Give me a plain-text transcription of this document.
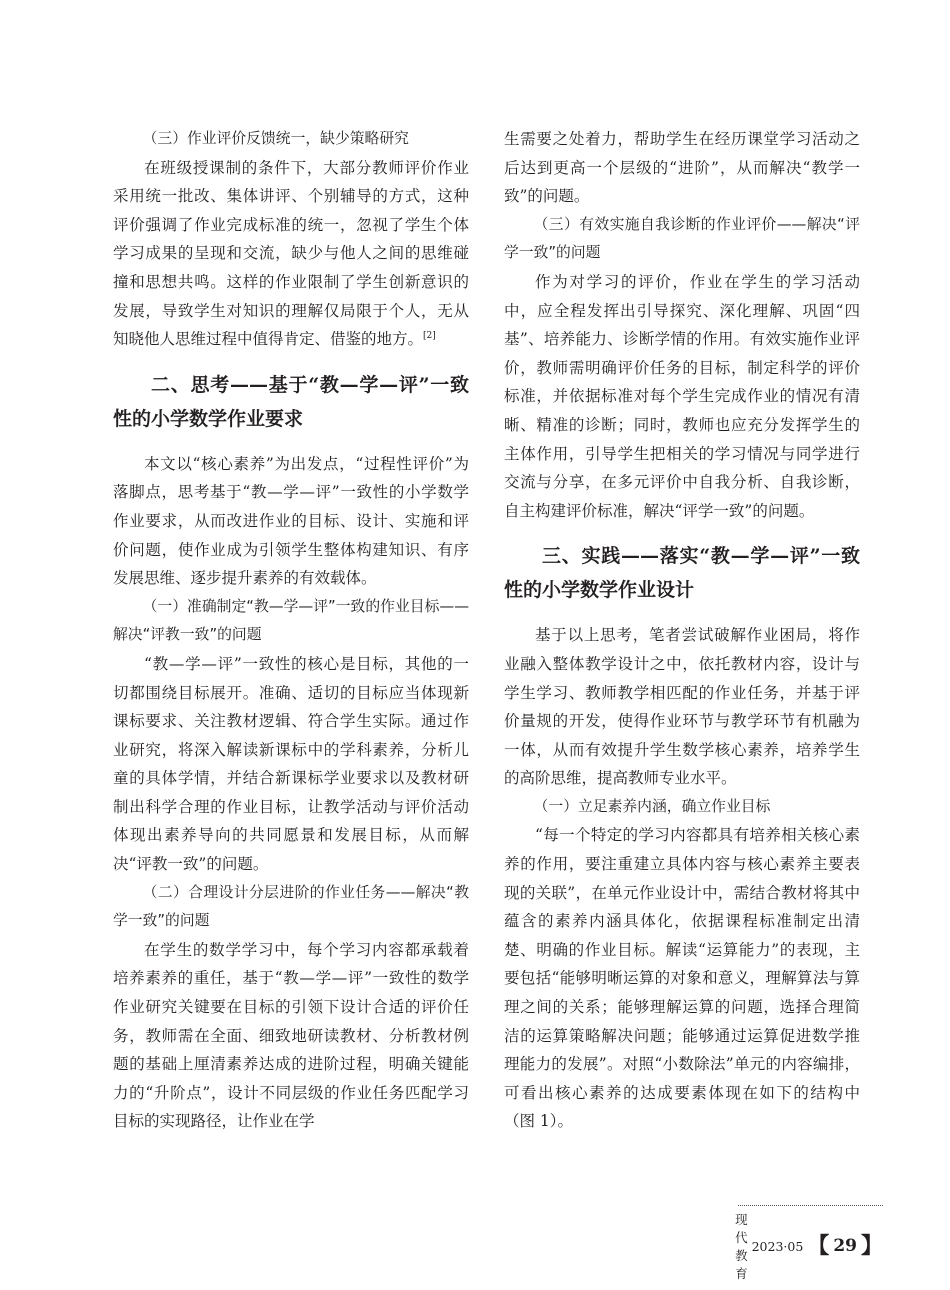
（三）作业评价反馈统一，缺少策略研究

在班级授课制的条件下，大部分教师评价作业采用统一批改、集体讲评、个别辅导的方式，这种评价强调了作业完成标准的统一，忽视了学生个体学习成果的呈现和交流，缺少与他人之间的思维碰撞和思想共鸣。这样的作业限制了学生创新意识的发展，导致学生对知识的理解仅局限于个人，无从知晓他人思维过程中值得肯定、借鉴的地方。[2]

二、思考——基于“教—学—评”一致性的小学数学作业要求

本文以“核心素养”为出发点，“过程性评价”为落脚点，思考基于“教—学—评”一致性的小学数学作业要求，从而改进作业的目标、设计、实施和评价问题，使作业成为引领学生整体构建知识、有序发展思维、逐步提升素养的有效载体。

（一）准确制定“教—学—评”一致的作业目标——解决“评教一致”的问题

“教—学—评”一致性的核心是目标，其他的一切都围绕目标展开。准确、适切的目标应当体现新课标要求、关注教材逻辑、符合学生实际。通过作业研究，将深入解读新课标中的学科素养，分析儿童的具体学情，并结合新课标学业要求以及教材研制出科学合理的作业目标，让教学活动与评价活动体现出素养导向的共同愿景和发展目标，从而解决“评教一致”的问题。

（二）合理设计分层进阶的作业任务——解决“教学一致”的问题

在学生的数学学习中，每个学习内容都承载着培养素养的重任，基于“教—学—评”一致性的数学作业研究关键要在目标的引领下设计合适的评价任务，教师需在全面、细致地研读教材、分析教材例题的基础上厘清素养达成的进阶过程，明确关键能力的“升阶点”，设计不同层级的作业任务匹配学习目标的实现路径，让作业在学

生需要之处着力，帮助学生在经历课堂学习活动之后达到更高一个层级的“进阶”，从而解决“教学一致”的问题。

（三）有效实施自我诊断的作业评价——解决“评学一致”的问题

作为对学习的评价，作业在学生的学习活动中，应全程发挥出引导探究、深化理解、巩固“四基”、培养能力、诊断学情的作用。有效实施作业评价，教师需明确评价任务的目标，制定科学的评价标准，并依据标准对每个学生完成作业的情况有清晰、精准的诊断；同时，教师也应充分发挥学生的主体作用，引导学生把相关的学习情况与同学进行交流与分享，在多元评价中自我分析、自我诊断，自主构建评价标准，解决“评学一致”的问题。

三、实践——落实“教—学—评”一致性的小学数学作业设计

基于以上思考，笔者尝试破解作业困局，将作业融入整体教学设计之中，依托教材内容，设计与学生学习、教师教学相匹配的作业任务，并基于评价量规的开发，使得作业环节与教学环节有机融为一体，从而有效提升学生数学核心素养，培养学生的高阶思维，提高教师专业水平。

（一）立足素养内涵，确立作业目标

“每一个特定的学习内容都具有培养相关核心素养的作用，要注重建立具体内容与核心素养主要表现的关联”，在单元作业设计中，需结合教材将其中蕴含的素养内涵具体化，依据课程标准制定出清楚、明确的作业目标。解读“运算能力”的表现，主要包括“能够明晰运算的对象和意义，理解算法与算理之间的关系；能够理解运算的问题，选择合理简洁的运算策略解决问题；能够通过运算促进数学推理能力的发展”。对照“小数除法”单元的内容编排，可看出核心素养的达成要素体现在如下的结构中（图 1）。

现代教育
2023·05 【 29 】
